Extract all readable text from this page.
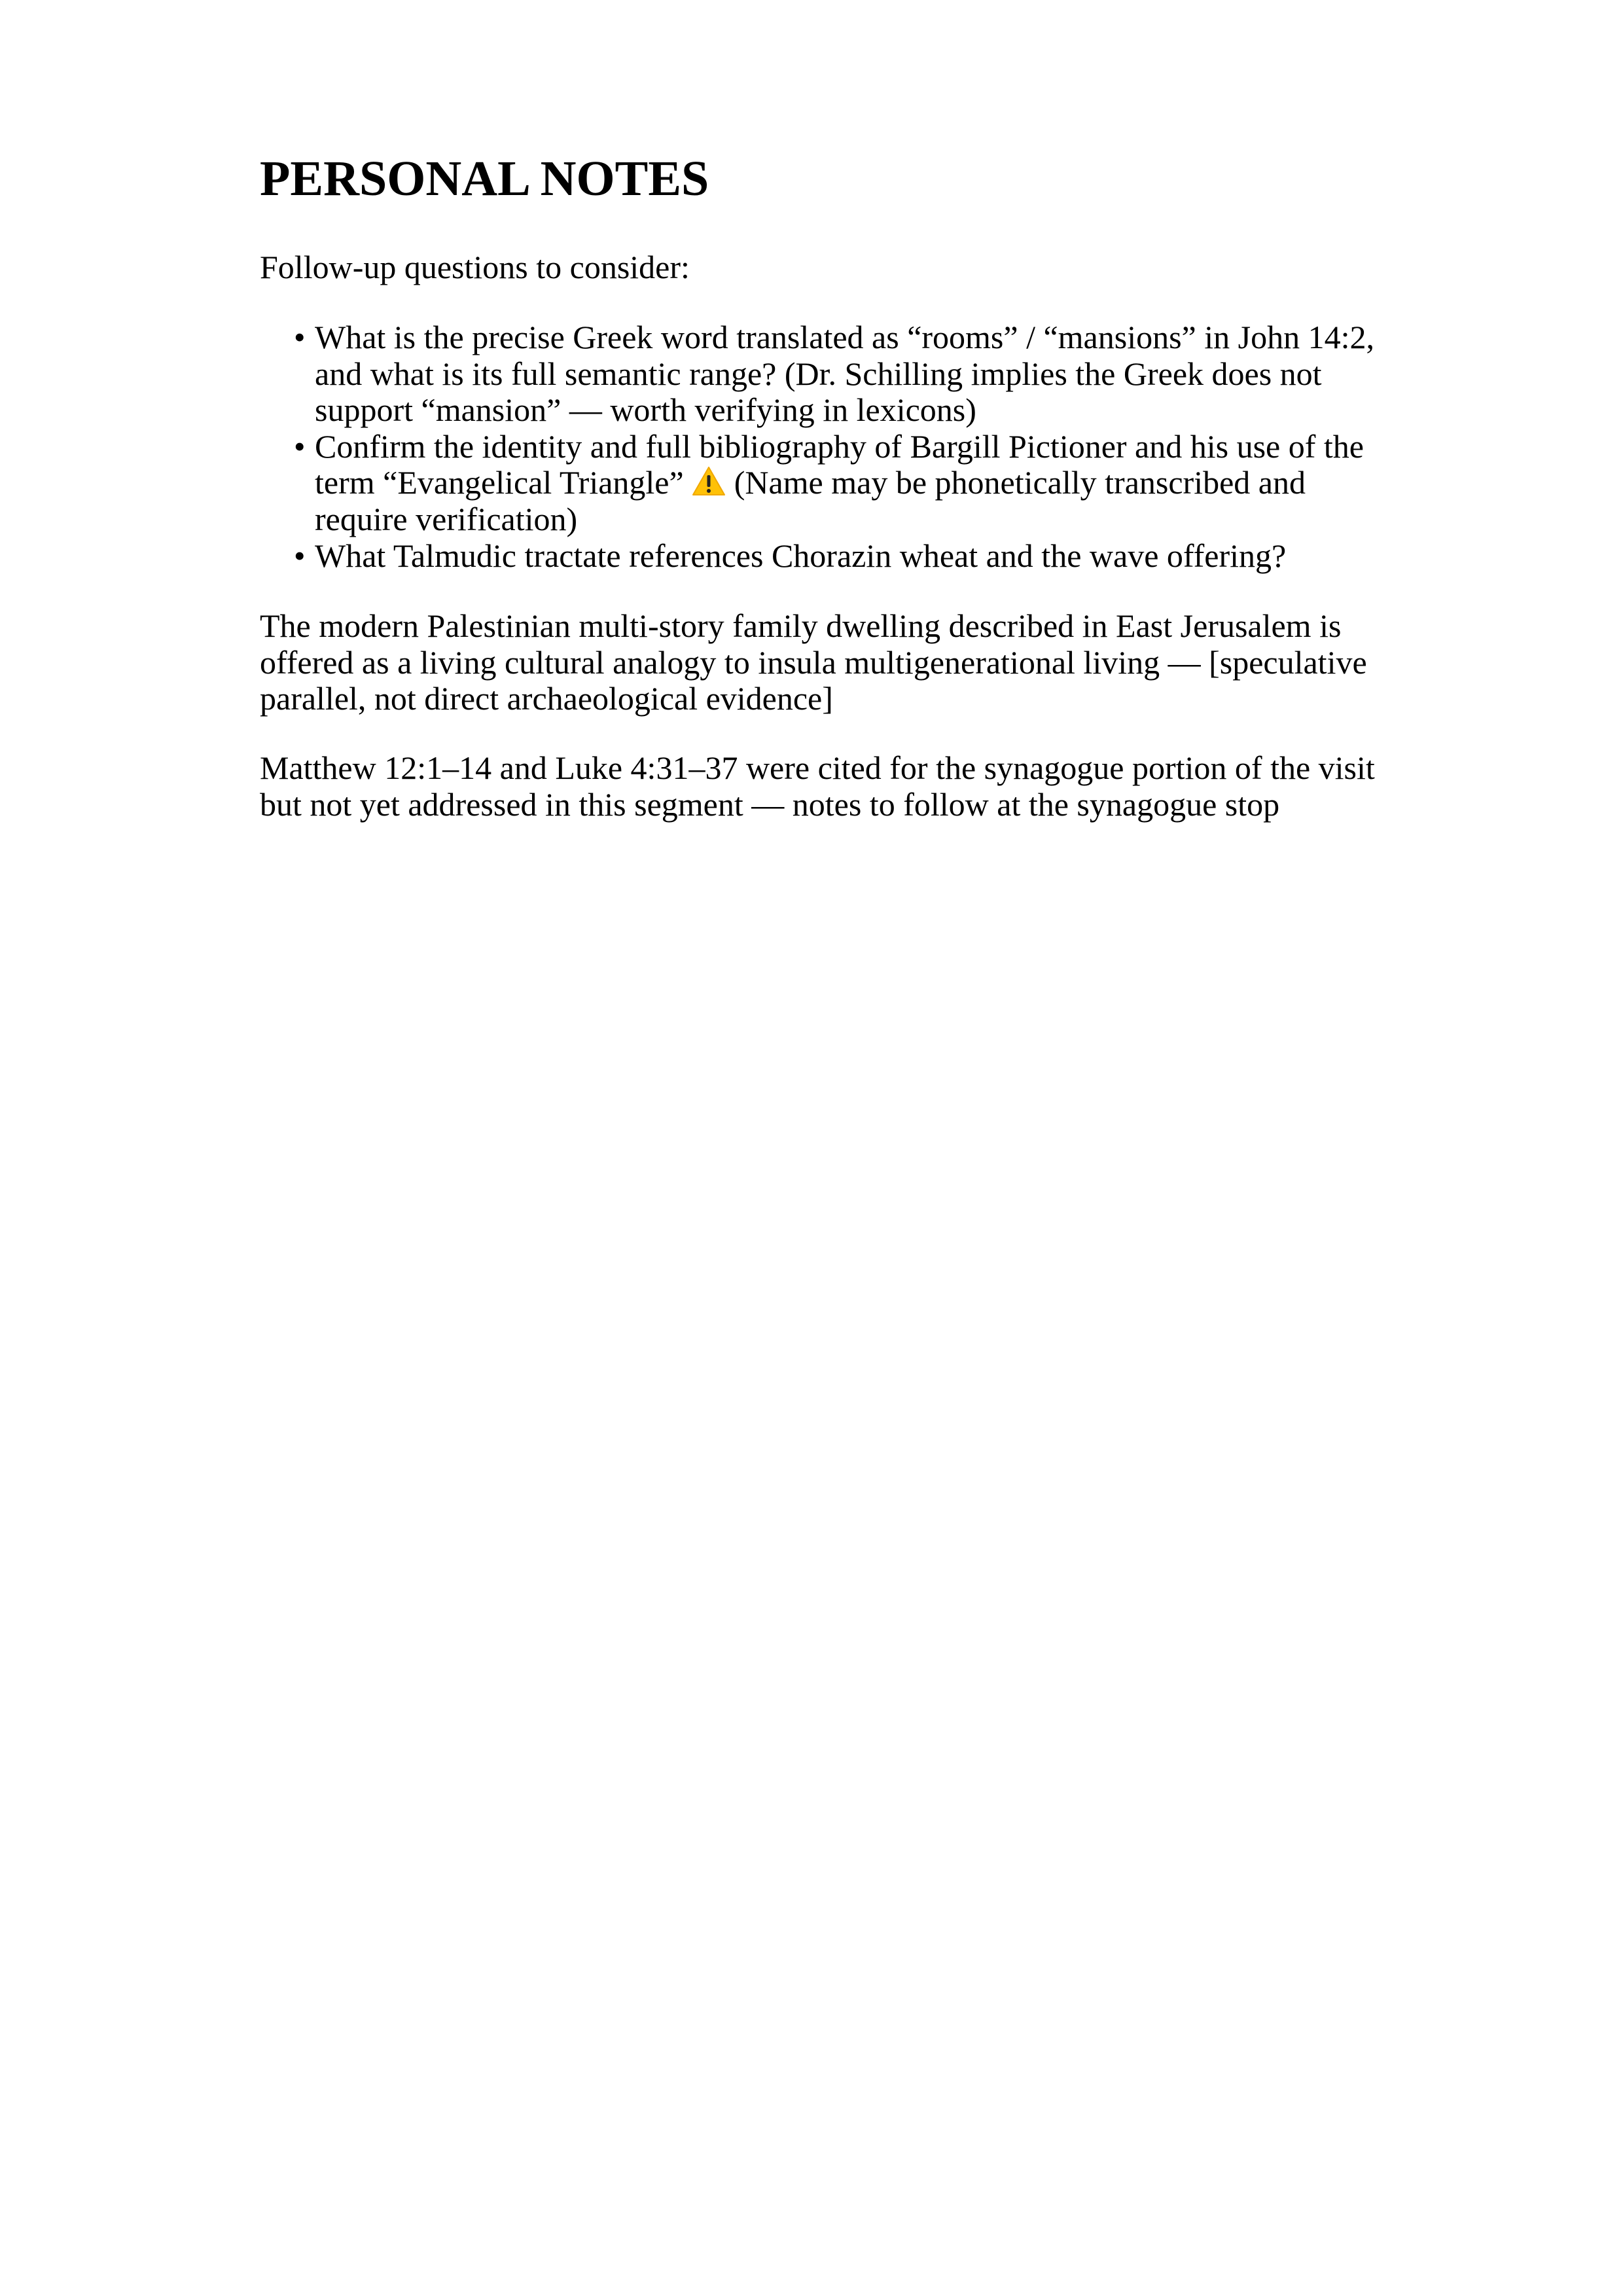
PERSONAL NOTES

Follow-up questions to consider:

• What is the precise Greek word translated as “rooms” / “mansions” in John 14:2, and what is its full semantic range? (Dr. Schilling implies the Greek does not support “mansion” — worth verifying in lexicons)
• Confirm the identity and full bibliography of Bargill Pictioner and his use of the term “Evangelical Triangle”  (Name may be phonetically transcribed and require verification)
• What Talmudic tractate references Chorazin wheat and the wave offering?

The modern Palestinian multi-story family dwelling described in East Jerusalem is offered as a living cultural analogy to insula multigenerational living — [speculative parallel, not direct archaeological evidence]

Matthew 12:1–14 and Luke 4:31–37 were cited for the synagogue portion of the visit but not yet addressed in this segment — notes to follow at the synagogue stop
